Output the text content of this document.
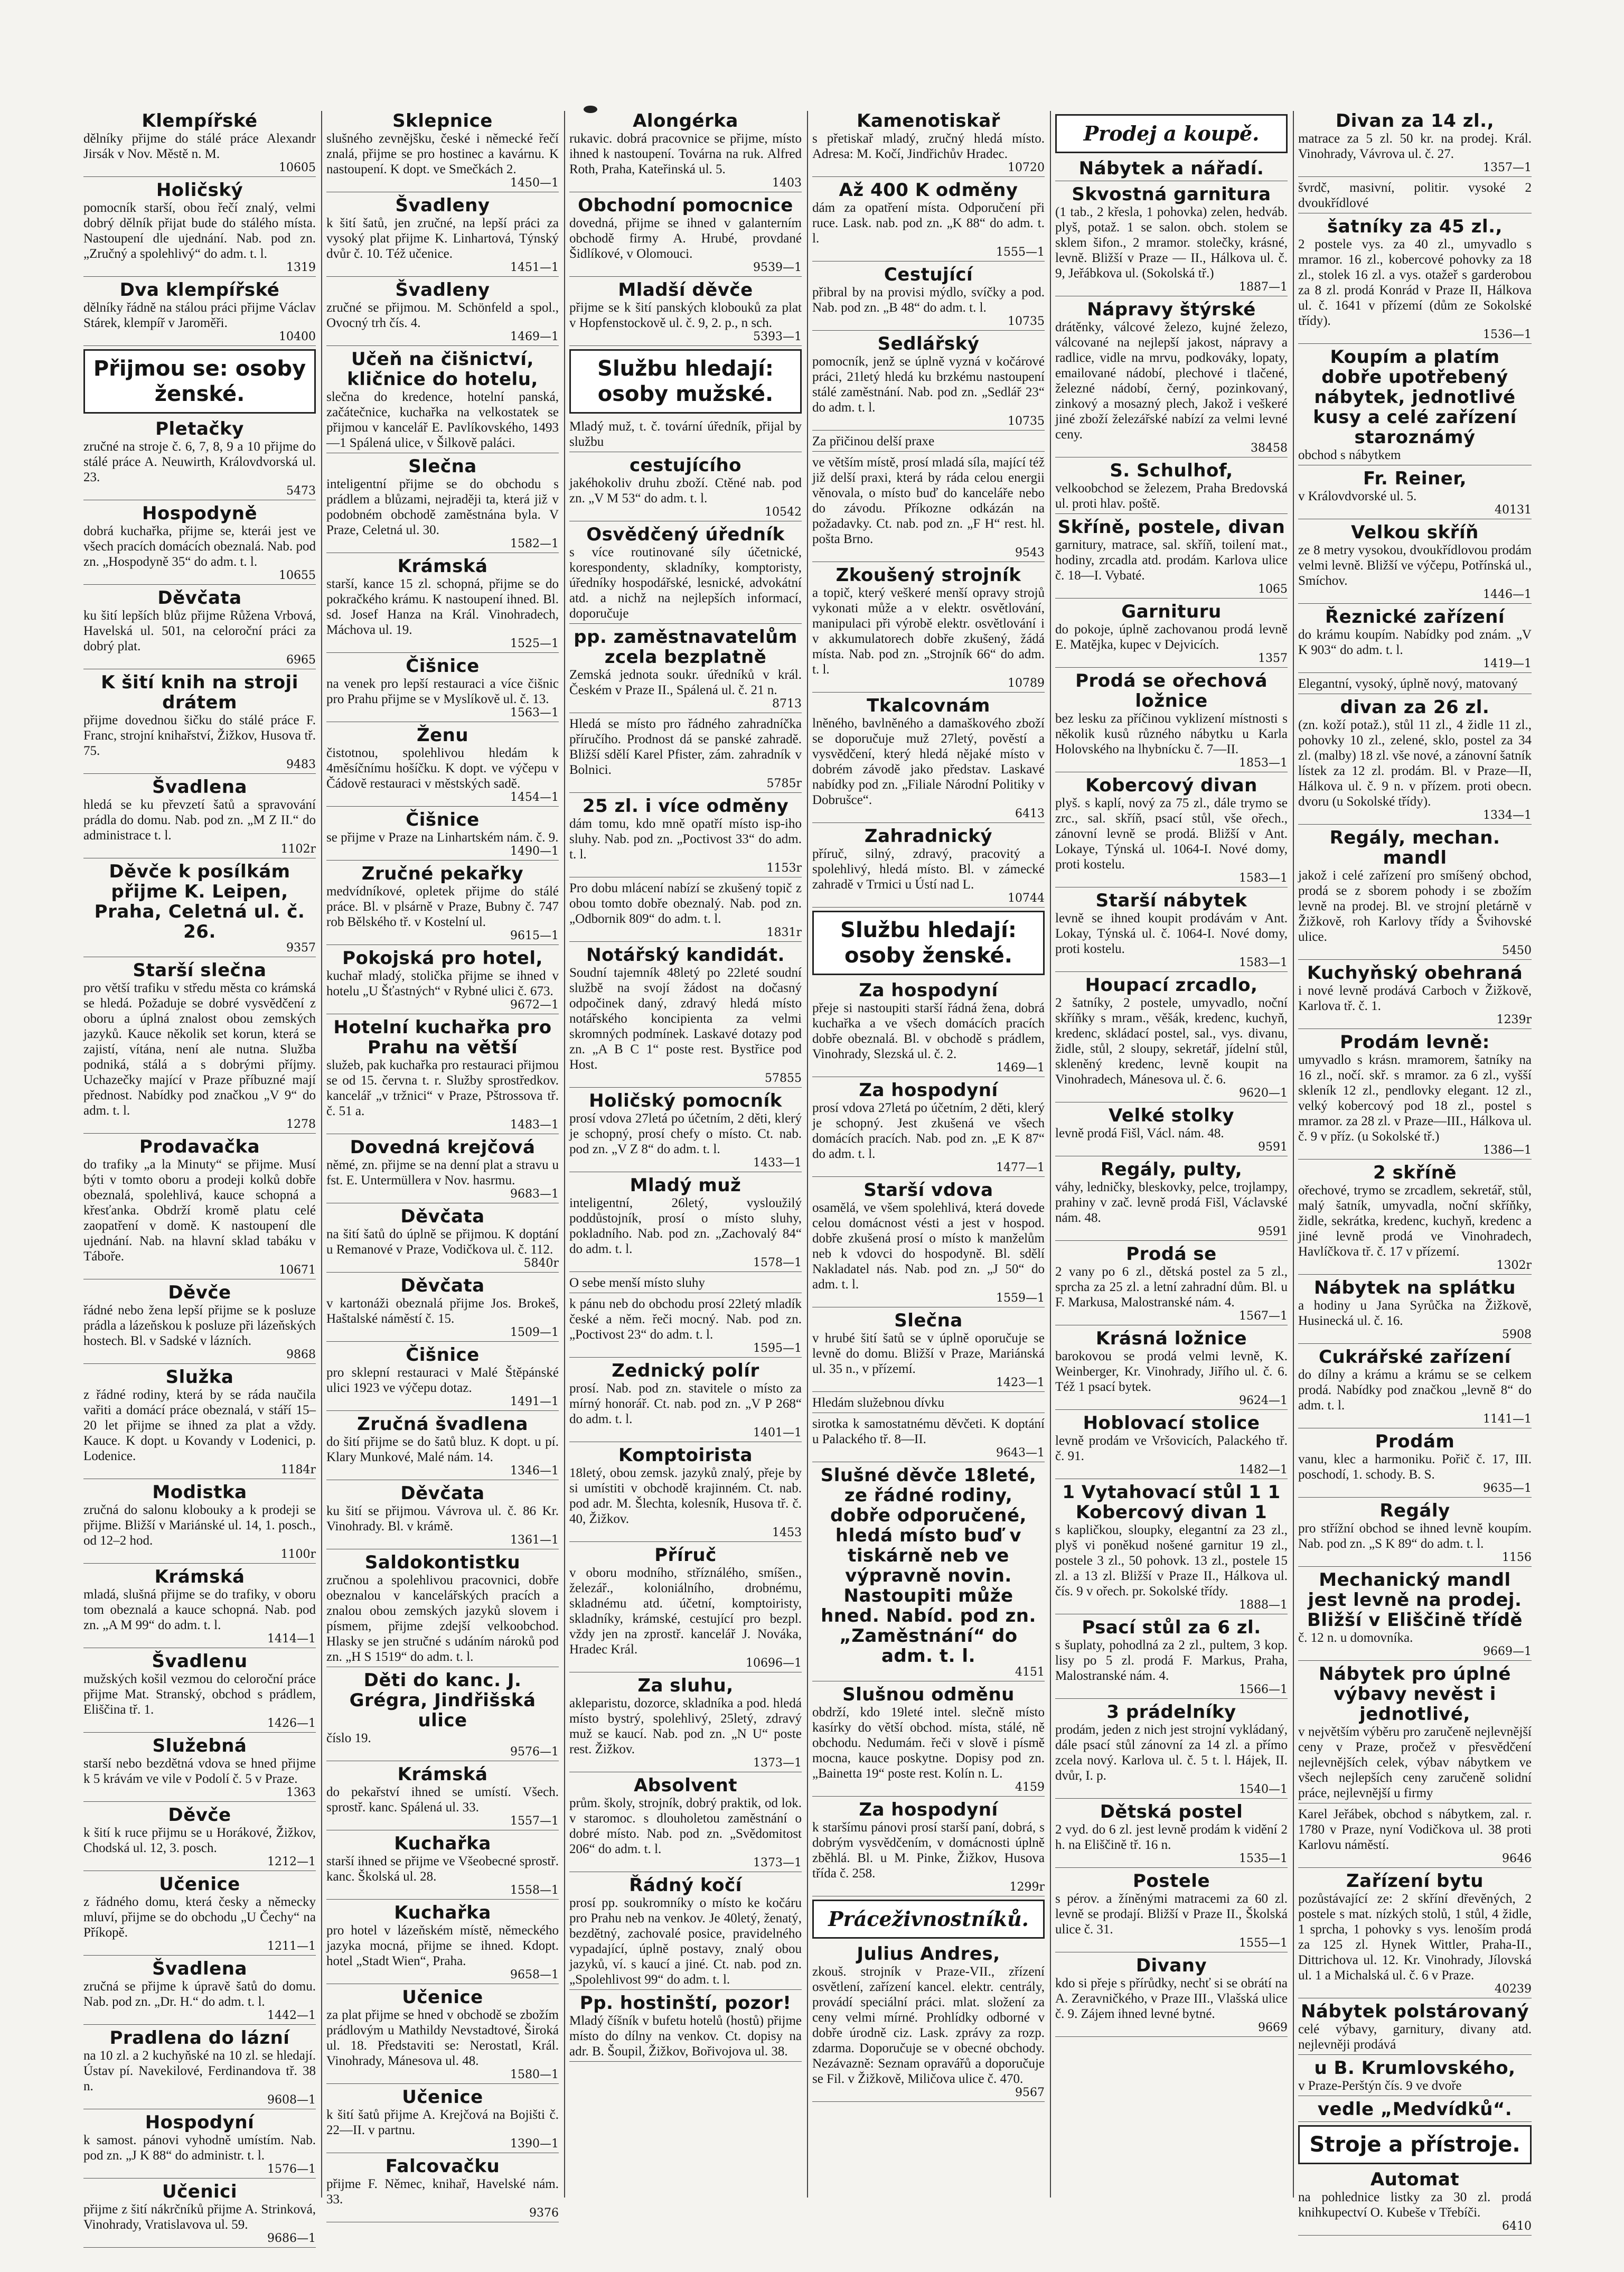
Klempířské

dělníky přijme do stálé práce Alexandr Jirsák v Nov. Městě n. M.

10605
Holičský

pomocník starší, obou řečí znalý, velmi dobrý dělník přijat bude do stálého místa. Nastoupení dle ujednání. Nab. pod zn. „Zručný a spolehlivý“ do adm. t. l.

1319
Dva klempířské

dělníky řádně na stálou práci přijme Václav Stárek, klempíř v Jaroměři.

10400
Přijmou se: osoby ženské.
Pletačky

zručné na stroje č. 6, 7, 8, 9 a 10 přijme do stálé práce A. Neuwirth, Královdvorská ul. 23.

5473
Hospodyně

dobrá kuchařka, přijme se, kterái jest ve všech pracích domácích obeznalá. Nab. pod zn. „Hospodyně 35“ do adm. t. l.

10655
Děvčata

ku šití lepších blůz přijme Růžena Vrbová, Havelská ul. 501, na celoroční práci za dobrý plat.

6965
K šití knih na stroji drátem

přijme dovednou šičku do stálé práce F. Franc, strojní knihařství, Žižkov, Husova tř. 75.

9483
Švadlena

hledá se ku převzetí šatů a spravování prádla do domu. Nab. pod zn. „M Z II.“ do administrace t. l.

1102r
Děvče k posílkám přijme K. Leipen, Praha, Celetná ul. č. 26.
9357
Starší slečna

pro větší trafiku v středu města co krámská se hledá. Požaduje se dobré vysvědčení z oboru a úplná znalost obou zemských jazyků. Kauce několik set korun, která se zajistí, vítána, není ale nutna. Služba podniká, stálá a s dobrými příjmy. Uchazečky mající v Praze příbuzné mají přednost. Nabídky pod značkou „V 9“ do adm. t. l.

1278
Prodavačka

do trafiky „a la Minuty“ se přijme. Musí býti v tomto oboru a prodeji kolků dobře obeznalá, spolehlivá, kauce schopná a křesťanka. Obdrží kromě platu celé zaopatření v domě. K nastoupení dle ujednání. Nab. na hlavní sklad tabáku v Táboře.

10671
Děvče

řádné nebo žena lepší přijme se k posluze prádla a lázeňskou k posluze při lázeňských hostech. Bl. v Sadské v lázních.

9868
Služka

z řádné rodiny, která by se ráda naučila vařiti a domácí práce obeznalá, v stáří 15–20 let přijme se ihned za plat a vždy. Kauce. K dopt. u Kovandy v Lodenici, p. Lodenice.

1184r
Modistka

zručná do salonu klobouky a k prodeji se přijme. Bližší v Mariánské ul. 14, 1. posch., od 12–2 hod.

1100r
Krámská

mladá, slušná přijme se do trafiky, v oboru tom obeznalá a kauce schopná. Nab. pod zn. „A M 99“ do adm. t. l.

1414—1
Švadlenu

mužských košil vezmou do celoroční práce přijme Mat. Stranský, obchod s prádlem, Eliščina tř. 1.

1426—1
Služebná

starší nebo bezdětná vdova se hned přijme k 5 krávám ve vile v Podolí č. 5 v Praze.

1363
Děvče

k šití k ruce přijmu se u Horákové, Žižkov, Chodská ul. 12, 3. posch.

1212—1
Učenice

z řádného domu, která česky a německy mluví, přijme se do obchodu „U Čechy“ na Příkopě.

1211—1
Švadlena

zručná se přijme k úpravě šatů do domu. Nab. pod zn. „Dr. H.“ do adm. t. l.

1442—1
Pradlena do lázní

na 10 zl. a 2 kuchyňské na 10 zl. se hledají. Ústav pí. Navekilové, Ferdinandova tř. 38 n.

9608—1
Hospodyní

k samost. pánovi vyhodně umístím. Nab. pod zn. „J K 88“ do administr. t. l.

1576—1
Učenici

přijme z šití nákrčníků přijme A. Strinková, Vinohrady, Vratislavova ul. 59.

9686—1
Sklepnice

slušného zevnějšku, české i německé řečí znalá, přijme se pro hostinec a kavárnu. K nastoupení. K dopt. ve Smečkách 2.

1450—1
Švadleny

k šití šatů, jen zručné, na lepší práci za vysoký plat přijme K. Linhartová, Týnský dvůr č. 10. Též učenice.

1451—1
Švadleny

zručné se přijmou. M. Schönfeld a spol., Ovocný trh čís. 4.

1469—1
Učeň na čišnictví, kličnice do hotelu,

slečna do kredence, hotelní panská, začátečnice, kuchařka na velkostatek se přijmou v kancelář E. Pavlíkovského, 1493—1 Spálená ulice, v Šilkově paláci.

Slečna

inteligentní přijme se do obchodu s prádlem a blůzami, nejraději ta, která již v podobném obchodě zaměstnána byla. V Praze, Celetná ul. 30.

1582—1
Krámská

starší, kance 15 zl. schopná, přijme se do pokračkého krámu. K nastoupení ihned. Bl. sd. Josef Hanza na Král. Vinohradech, Máchova ul. 19.

1525—1
Čišnice

na venek pro lepší restauraci a více čišnic pro Prahu přijme se v Myslíkově ul. č. 13.

1563—1
Ženu

čistotnou, spolehlivou hledám k 4měsíčnímu hošíčku. K dopt. ve výčepu v Čádově restauraci v městských sadě.

1454—1
Čišnice

se přijme v Praze na Linhartském nám. č. 9.

1490—1
Zručné pekařky

medvídníkové, opletek přijme do stálé práce. Bl. v plsárně v Praze, Bubny č. 747 rob Bělského tř. v Kostelní ul.

9615—1
Pokojská pro hotel,

kuchař mladý, stolička přijme se ihned v hotelu „U Šťastných“ v Rybné ulici č. 673.

9672—1
Hotelní kuchařka pro Prahu na větší

služeb, pak kuchařka pro restauraci přijmou se od 15. června t. r. Služby sprostředkov. kancelář „v tržnici“ v Praze, Pštrossova tř. č. 51 a.

1483—1
Dovedná krejčová

němé, zn. přijme se na denní plat a stravu u fst. E. Untermüllera v Nov. hasrmu.

9683—1
Děvčata

na šití šatů do úplně se přijmou. K doptání u Remanové v Praze, Vodičkova ul. č. 112.

5840r
Děvčata

v kartonáži obeznalá přijme Jos. Brokeš, Haštalské náměstí č. 15.

1509—1
Čišnice

pro sklepní restauraci v Malé Štěpánské ulici 1923 ve výčepu dotaz.

1491—1
Zručná švadlena

do šití přijme se do šatů bluz. K dopt. u pí. Klary Munkové, Malé nám. 14.

1346—1
Děvčata

ku šití se přijmou. Vávrova ul. č. 86 Kr. Vinohrady. Bl. v krámě.

1361—1
Saldokontistku

zručnou a spolehlivou pracovnici, dobře obeznalou v kancelářských pracích a znalou obou zemských jazyků slovem i písmem, přijme zdejší velkoobchod. Hlasky se jen stručné s udáním nároků pod zn. „H S 1519“ do adm. t. l.

Děti do kanc. J. Grégra, Jindřišská ulice

číslo 19.

9576—1
Krámská

do pekařství ihned se umístí. Všech. sprostř. kanc. Spálená ul. 33.

1557—1
Kuchařka

starší ihned se přijme ve Všeobecné sprostř. kanc. Školská ul. 28.

1558—1
Kuchařka

pro hotel v lázeňském místě, německého jazyka mocná, přijme se ihned. Kdopt. hotel „Stadt Wien“, Praha.

9658—1
Učenice

za plat přijme se hned v obchodě se zbožím prádlovým u Mathildy Nevstadtové, Široká ul. 18. Představiti se: Nerostatl, Král. Vinohrady, Mánesova ul. 48.

1580—1
Učenice

k šití šatů přijme A. Krejčová na Bojišti č. 22—II. v partnu.

1390—1
Falcovačku

přijme F. Němec, knihař, Havelské nám. 33.

9376
Alongérka

rukavic. dobrá pracovnice se přijme, místo ihned k nastoupení. Továrna na ruk. Alfred Roth, Praha, Kateřinská ul. 5.

1403
Obchodní pomocnice

dovedná, přijme se ihned v galanterním obchodě firmy A. Hrubé, provdané Šidlíkové, v Olomouci.

9539—1
Mladší děvče

přijme se k šití panských klobouků za plat v Hopfenstockově ul. č. 9, 2. p., n sch.

5393—1
Službu hledají: osoby mužské.

Mladý muž, t. č. tovární úředník, přijal by službu

cestujícího

jakéhokoliv druhu zboží. Ctěné nab. pod zn. „V M 53“ do adm. t. l.

10542
Osvědčený úředník

s více routinované síly účetnické, korespondenty, skladníky, komptoristy, úředníky hospodářské, lesnické, advokátní atd. a nichž na nejlepších informací, doporučuje

pp. zaměstnavatelům zcela bezplatně

Zemská jednota soukr. úředníků v král. Českém v Praze II., Spálená ul. č. 21 n.

8713

Hledá se místo pro řádného zahradníčka příručího. Prodnost dá se panské zahradě. Bližší sdělí Karel Pfister, zám. zahradník v Bolnici.

5785r
25 zl. i více odměny

dám tomu, kdo mně opatří místo isp-iho sluhy. Nab. pod zn. „Poctivost 33“ do adm. t. l.

1153r

Pro dobu mlácení nabízí se zkušený topič z obou tomto dobře obeznalý. Nab. pod zn. „Odbornik 809“ do adm. t. l.

1831r
Notářský kandidát.

Soudní tajemník 48letý po 22leté soudní službě na svojí žádost na dočasný odpočinek daný, zdravý hledá místo notářského koncipienta za velmi skromných podmínek. Laskavé dotazy pod zn. „A B C 1“ poste rest. Bystřice pod Host.

57855
Holičský pomocník

prosí vdova 27letá po účetním, 2 děti, klerý je schopný, prosí chefy o místo. Ct. nab. pod zn. „V Z 8“ do adm. t. l.

1433—1
Mladý muž

inteligentní, 26letý, vysloužilý poddůstojník, prosí o místo sluhy, pokladního. Nab. pod zn. „Zachovalý 84“ do adm. t. l.

1578—1

O sebe menší místo sluhy

k pánu neb do obchodu prosí 22letý mladík české a něm. řeči mocný. Nab. pod zn. „Poctivost 23“ do adm. t. l.

1595—1
Zednický polír

prosí. Nab. pod zn. stavitele o místo za mírný honorář. Ct. nab. pod zn. „V P 268“ do adm. t. l.

1401—1
Komptoirista

18letý, obou zemsk. jazyků znalý, přeje by si umístiti v obchodě krajinném. Ct. nab. pod adr. M. Šlechta, kolesník, Husova tř. č. 40, Žižkov.

1453
Příruč

v oboru modního, stříználého, smíšen., železář., koloniálního, drobnému, skladnému atd. účetní, komptoiristy, skladníky, krámské, cestující pro bezpl. vždy jen na zprostř. kancelář J. Nováka, Hradec Král.

10696—1
Za sluhu,

akleparistu, dozorce, skladníka a pod. hledá místo bystrý, spolehlivý, 25letý, zdravý muž se kaucí. Nab. pod zn. „N U“ poste rest. Žižkov.

1373—1
Absolvent

prům. školy, strojník, dobrý praktik, od lok. v staromoc. s dlouholetou zaměstnání o dobré místo. Nab. pod zn. „Svědomitost 206“ do adm. t. l.

1373—1
Řádný kočí

prosí pp. soukromníky o místo ke kočáru pro Prahu neb na venkov. Je 40letý, ženatý, bezdětný, zachovalé posice, pravidelného vypadající, úplně postavy, znalý obou jazyků, ví. s kaucí a jiné. Ct. nab. pod zn. „Spolehlivost 99“ do adm. t. l.

Pp. hostinští, pozor!

Mladý číšník v bufetu hotelů (hostů) přijme místo do dílny na venkov. Ct. dopisy na adr. B. Šoupil, Žižkov, Bořivojova ul. 38.

Kamenotiskař

s přetiskař mladý, zručný hledá místo. Adresa: M. Kočí, Jindřichův Hradec.

10720
Až 400 K odměny

dám za opatření místa. Odporučení při ruce. Lask. nab. pod zn. „K 88“ do adm. t. l.

1555—1
Cestující

přibral by na provisi mýdlo, svíčky a pod. Nab. pod zn. „B 48“ do adm. t. l.

10735
Sedlářský

pomocník, jenž se úplně vyzná v kočárové práci, 21letý hledá ku brzkému nastoupení stálé zaměstnání. Nab. pod zn. „Sedlář 23“ do adm. t. l.

10735

Za přičinou delší praxe

ve větším místě, prosí mladá síla, mající též již delší praxi, která by ráda celou energii věnovala, o místo buď do kanceláře nebo do závodu. Příkozne odkázán na požadavky. Ct. nab. pod zn. „F H“ rest. hl. pošta Brno.

9543
Zkoušený strojník

a topič, který veškeré menší opravy strojů vykonati může a v elektr. osvětlování, manipulaci při výrobě elektr. osvětlování i v akkumulatorech dobře zkušený, žádá místa. Nab. pod zn. „Strojník 66“ do adm. t. l.

10789
Tkalcovnám

lněného, bavlněného a damaškového zboží se doporučuje muž 27letý, pověstí a vysvědčení, který hledá nějaké místo v dobrém závodě jako představ. Laskavé nabídky pod zn. „Filiale Národní Politiky v Dobrušce“.

6413
Zahradnický

příruč, silný, zdravý, pracovitý a spolehlivý, hledá místo. Bl. v zámecké zahradě v Trmici u Ústí nad L.

10744
Službu hledají: osoby ženské.
Za hospodyní

přeje si nastoupiti starší řádná žena, dobrá kuchařka a ve všech domácích pracích dobře obeznalá. Bl. v obchodě s prádlem, Vinohrady, Slezská ul. č. 2.

1469—1
Za hospodyní

prosí vdova 27letá po účetním, 2 děti, klerý je schopný. Jest zkušená ve všech domácích pracích. Nab. pod zn. „E K 87“ do adm. t. l.

1477—1
Starší vdova

osamělá, ve všem spolehlivá, která dovede celou domácnost vésti a jest v hospod. dobře zkušená prosí o místo k manželům neb k vdovci do hospodyně. Bl. sdělí Nakladatel nás. Nab. pod zn. „J 50“ do adm. t. l.

1559—1
Slečna

v hrubé šití šatů se v úplně oporučuje se levně do domu. Bližší v Praze, Mariánská ul. 35 n., v přízemí.

1423—1

Hledám služebnou dívku

sirotka k samostatnému děvčeti. K doptání u Palackého tř. 8—II.

9643—1
Slušné děvče 18leté, ze řádné rodiny, dobře odporučené, hledá místo buď v tiskárně neb ve výpravně novin. Nastoupiti může hned. Nabíd. pod zn. „Zaměstnání“ do adm. t. l.
4151
Slušnou odměnu

obdrží, kdo 19leté intel. slečně místo kasírky do větší obchod. místa, stálé, ně obchodu. Nedumám. řeči v slově i písmě mocna, kauce poskytne. Dopisy pod zn. „Bainetta 19“ poste rest. Kolín n. L.

4159
Za hospodyní

k staršímu pánovi prosí starší paní, dobrá, s dobrým vysvědčením, v domácnosti úplně zběhlá. Bl. u M. Pinke, Žižkov, Husova třída č. 258.

1299r
Práceživnostníků.
Julius Andres,

zkouš. strojník v Praze-VII., zřízení osvětlení, zařízení kancel. elektr. centrály, provádí speciální práci. mlat. složení za ceny velmi mírné. Prohlídky odborné v dobře úrodně ciz. Lask. zprávy za rozp. zdarma. Doporučuje se v obecné obchody. Nezávazně: Seznam opravářů a doporučuje se Fil. v Žižkově, Miličova ulice č. 470.

9567
Prodej a koupě.
Nábytek a nářadí.
Skvostná garnitura

(1 tab., 2 křesla, 1 pohovka) zelen, hedváb. plyš, potaž. 1 se salon. obch. stolem se sklem šifon., 2 mramor. stolečky, krásné, levně. Bližší v Praze — II., Hálkova ul. č. 9, Jeřábkova ul. (Sokolská tř.)

1887—1
Nápravy štýrské

drátěnky, válcové železo, kujné železo, válcované na nejlepší jakost, nápravy a radlice, vidle na mrvu, podkováky, lopaty, emailované nádobí, plechové i tlačené, železné nádobí, černý, pozinkovaný, zinkový a mosazný plech, Jakož i veškeré jiné zboží železářské nabízí za velmi levné ceny.

38458
S. Schulhof,

velkoobchod se železem, Praha Bredovská ul. proti hlav. poště.

Skříně, postele, divan

garnitury, matrace, sal. skříň, toilení mat., hodiny, zrcadla atd. prodám. Karlova ulice č. 18—I. Vybaté.

1065
Garnituru

do pokoje, úplně zachovanou prodá levně E. Matějka, kupec v Dejvicích.

1357
Prodá se ořechová ložnice

bez lesku za příčinou vyklizení místnosti s několik kusů různého nábytku u Karla Holovského na lhybnícku č. 7—II.

1853—1
Kobercový divan

plyš. s kaplí, nový za 75 zl., dále trymo se zrc., sal. skříň, psací stůl, vše ořech., zánovní levně se prodá. Bližší v Ant. Lokaye, Týnská ul. 1064-I. Nové domy, proti kostelu.

1583—1
Starší nábytek

levně se ihned koupit prodávám v Ant. Lokay, Týnská ul. č. 1064-I. Nové domy, proti kostelu.

1583—1
Houpací zrcadlo,

2 šatníky, 2 postele, umyvadlo, noční skříňky s mram., věšák, kredenc, kuchyň, kredenc, skládací postel, sal., vys. divanu, židle, stůl, 2 sloupy, sekretář, jídelní stůl, skleněný kredenc, levně koupit na Vinohradech, Mánesova ul. č. 6.

9620—1
Velké stolky

levně prodá Fišl, Václ. nám. 48.

9591
Regály, pulty,

váhy, ledničky, bleskovky, pelce, trojlampy, prahiny v zač. levně prodá Fišl, Václavské nám. 48.

9591
Prodá se

2 vany po 6 zl., dětská postel za 5 zl., sprcha za 25 zl. a letní zahradní dům. Bl. u F. Markusa, Malostranské nám. 4.

1567—1
Krásná ložnice

barokovou se prodá velmi levně, K. Weinberger, Kr. Vinohrady, Jiřího ul. č. 6. Též 1 psací bytek.

9624—1
Hoblovací stolice

levně prodám ve Vršovicích, Palackého tř. č. 91.

1482—1
1 Vytahovací stůl 1 1 Kobercový divan 1

s kapličkou, sloupky, elegantní za 23 zl., plyš vi poněkud nošené garnitur 19 zl., postele 3 zl., 50 pohovk. 13 zl., postele 15 zl. a 13 zl. Bližší v Praze II., Hálkova ul. čís. 9 v ořech. pr. Sokolské třídy.

1888—1
Psací stůl za 6 zl.

s šuplaty, pohodlná za 2 zl., pultem, 3 kop. lisy po 5 zl. prodá F. Markus, Praha, Malostranské nám. 4.

1566—1
3 prádelníky

prodám, jeden z nich jest strojní vykládaný, dále psací stůl zánovní za 14 zl. a přímo zcela nový. Karlova ul. č. 5 t. l. Hájek, II. dvůr, I. p.

1540—1
Dětská postel

2 vyd. do 6 zl. jest levně prodám k vidění 2 h. na Eliščině tř. 16 n.

1535—1
Postele

s pérov. a žíněnými matracemi za 60 zl. levně se prodají. Bližší v Praze II., Školská ulice č. 31.

1555—1
Divany

kdo si přeje s přírůdky, nechť si se obrátí na A. Zeravničkého, v Praze III., Vlašská ulice č. 9. Zájem ihned levné bytné.

9669
Divan za 14 zl.,

matrace za 5 zl. 50 kr. na prodej. Král. Vinohrady, Vávrova ul. č. 27.

1357—1

švrdč, masivní, politir. vysoké 2 dvoukřídlové

šatníky za 45 zl.,

2 postele vys. za 40 zl., umyvadlo s mramor. 16 zl., kobercové pohovky za 18 zl., stolek 16 zl. a vys. otažeř s garderobou za 8 zl. prodá Konrád v Praze II, Hálkova ul. č. 1641 v přízemí (dům ze Sokolské třídy).

1536—1
Koupím a platím dobře upotřebený nábytek, jednotlivé kusy a celé zařízení staroznámý

obchod s nábytkem

Fr. Reiner,

v Královdvorské ul. 5.

40131
Velkou skříň

ze 8 metry vysokou, dvoukřídlovou prodám velmi levně. Bližší ve výčepu, Potřínská ul., Smíchov.

1446—1
Řeznické zařízení

do krámu koupím. Nabídky pod znám. „V K 903“ do adm. t. l.

1419—1

Elegantní, vysoký, úplně nový, matovaný

divan za 26 zl.

(zn. koží potaž.), stůl 11 zl., 4 židle 11 zl., pohovky 10 zl., zelené, sklo, postel za 34 zl. (malby) 18 zl. vše nové, a zánovní šatník lístek za 12 zl. prodám. Bl. v Praze—II, Hálkova ul. č. 9 n. v přízem. proti obecn. dvoru (u Sokolské třídy).

1334—1
Regály, mechan. mandl

jakož i celé zařízení pro smíšený obchod, prodá se z sborem pohody i se zbožím levně na prodej. Bl. ve strojní pletárně v Žižkově, roh Karlovy třídy a Švihovské ulice.

5450
Kuchyňský obehraná

i nové levně prodává Carboch v Žižkově, Karlova tř. č. 1.

1239r
Prodám levně:

umyvadlo s krásn. mramorem, šatníky na 16 zl., nočí. skř. s mramor. za 6 zl., vyšší skleník 12 zl., pendlovky elegant. 12 zl., velký kobercový pod 18 zl., postel s mramor. za 28 zl. v Praze—III., Hálkova ul. č. 9 v příz. (u Sokolské tř.)

1386—1
2 skříně

ořechové, trymo se zrcadlem, sekretář, stůl, malý šatník, umyvadla, noční skříňky, židle, sekrátka, kredenc, kuchyň, kredenc a jiné levně prodá ve Vinohradech, Havlíčkova tř. č. 17 v přízemí.

1302r
Nábytek na splátku

a hodiny u Jana Syrůčka na Žižkově, Husinecká ul. č. 16.

5908
Cukrářské zařízení

do dílny a krámu a krámu se se celkem prodá. Nabídky pod značkou „levně 8“ do adm. t. l.

1141—1
Prodám

vanu, klec a harmoniku. Pořič č. 17, III. poschodí, 1. schody. B. S.

9635—1
Regály

pro střížní obchod se ihned levně koupím. Nab. pod zn. „S K 89“ do adm. t. l.

1156
Mechanický mandl jest levně na prodej. Bližší v Eliščině třídě

č. 12 n. u domovníka.

9669—1
Nábytek pro úplné výbavy nevěst i jednotlivé,

v největším výběru pro zaručeně nejlevnější ceny v Praze, pročež v přesvědčení nejlevnějších celek, výbav nábytkem ve všech nejlepších ceny zaručeně solidní práce, nejlevnější u firmy

Karel Jeřábek, obchod s nábytkem, zal. r. 1780 v Praze, nyní Vodičkova ul. 38 proti Karlovu náměstí.

9646
Zařízení bytu

pozůstávající ze: 2 skříní dřevěných, 2 postele s mat. nízkých stolů, 1 stůl, 4 židle, 1 sprcha, 1 pohovky s vys. lenoším prodá za 125 zl. Hynek Wittler, Praha-II., Dittrichova ul. 12. Kr. Vinohrady, Jílovská ul. 1 a Michalská ul. č. 6 v Praze.

40239
Nábytek polstárovaný

celé výbavy, garnitury, divany atd. nejlevněji prodává

u B. Krumlovského,

v Praze-Perštýn čís. 9 ve dvoře

vedle „Medvídků“.
Stroje a přístroje.
Automat

na pohlednice listky za 30 zl. prodá knihkupectví O. Kubeše v Třebíči.

6410
